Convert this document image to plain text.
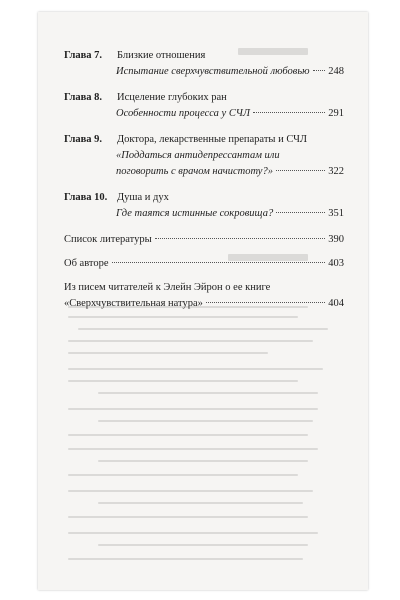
Глава 7.	Близкие отношения
Испытание сверхчувствительной любовью 248
Глава 8.	Исцеление глубоких ран
Особенности процесса у СЧЛ	291
Глава 9.	Доктора, лекарственные препараты и СЧЛ
«Поддаться антидепрессантам или
поговорить с врачом начистоту?»	322
Глава 10. Душа и дух
Где таятся истинные сокровища?	351
Список литературы	390
Об авторе	403
Из писем читателей к Элейн Эйрон о ее книге
«Сверхчувствительная натура»	404
